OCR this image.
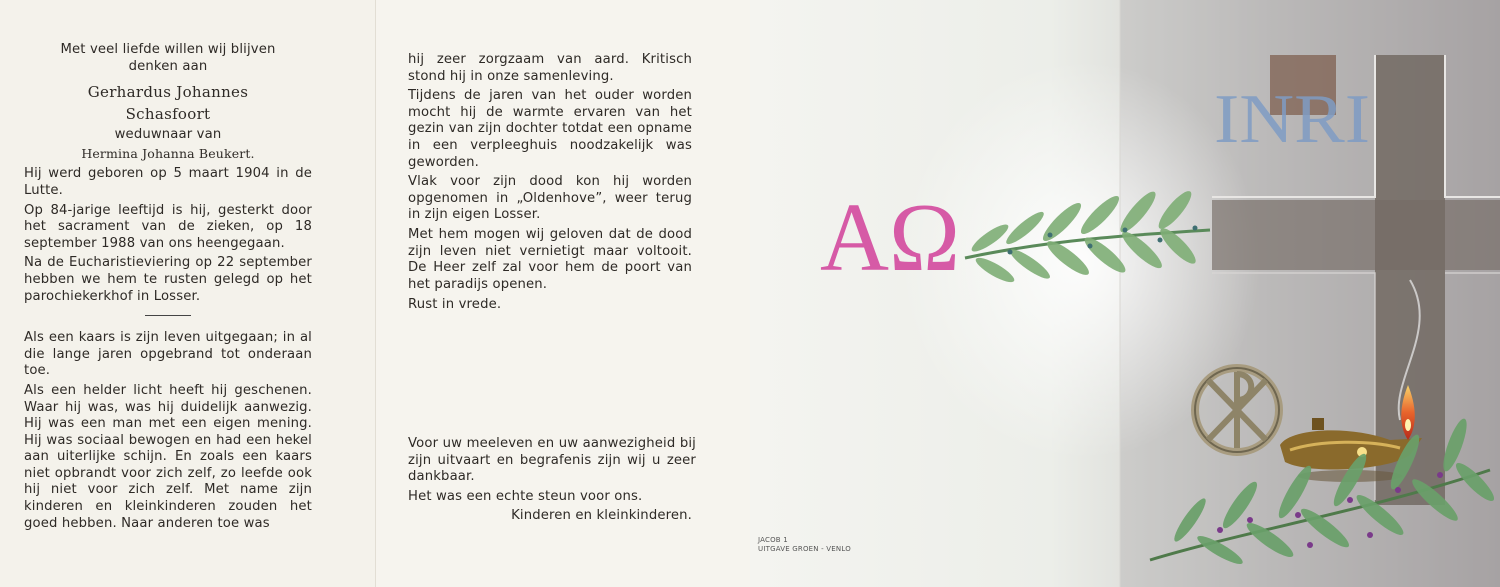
Met veel liefde willen wij blijven denken aan

Gerhardus Johannes

Schasfoort

weduwnaar van

Hermina Johanna Beukert.

Hij werd geboren op 5 maart 1904 in de Lutte.

Op 84-jarige leeftijd is hij, gesterkt door het sacrament van de zieken, op 18 september 1988 van ons heengegaan.

Na de Eucharistieviering op 22 september hebben we hem te rusten gelegd op het parochiekerkhof in Losser.

Als een kaars is zijn leven uitgegaan; in al die lange jaren opgebrand tot onderaan toe.

Als een helder licht heeft hij geschenen. Waar hij was, was hij duidelijk aanwezig. Hij was een man met een eigen mening. Hij was sociaal bewogen en had een hekel aan uiterlijke schijn. En zoals een kaars niet opbrandt voor zich zelf, zo leefde ook hij niet voor zich zelf. Met name zijn kinderen en kleinkinderen zouden het goed hebben. Naar anderen toe was

hij zeer zorgzaam van aard. Kritisch stond hij in onze samenleving.

Tijdens de jaren van het ouder worden mocht hij de warmte ervaren van het gezin van zijn dochter totdat een opname in een verpleeghuis noodzakelijk was geworden.

Vlak voor zijn dood kon hij worden opgenomen in „Oldenhove”, weer terug in zijn eigen Losser.

Met hem mogen wij geloven dat de dood zijn leven niet vernietigt maar voltooit. De Heer zelf zal voor hem de poort van het paradijs openen.

Rust in vrede.

Voor uw meeleven en uw aanwezigheid bij zijn uitvaart en begrafenis zijn wij u zeer dankbaar.

Het was een echte steun voor ons.

Kinderen en kleinkinderen.

INRI
AΩ
JACOB 1
UITGAVE GROEN - VENLO
